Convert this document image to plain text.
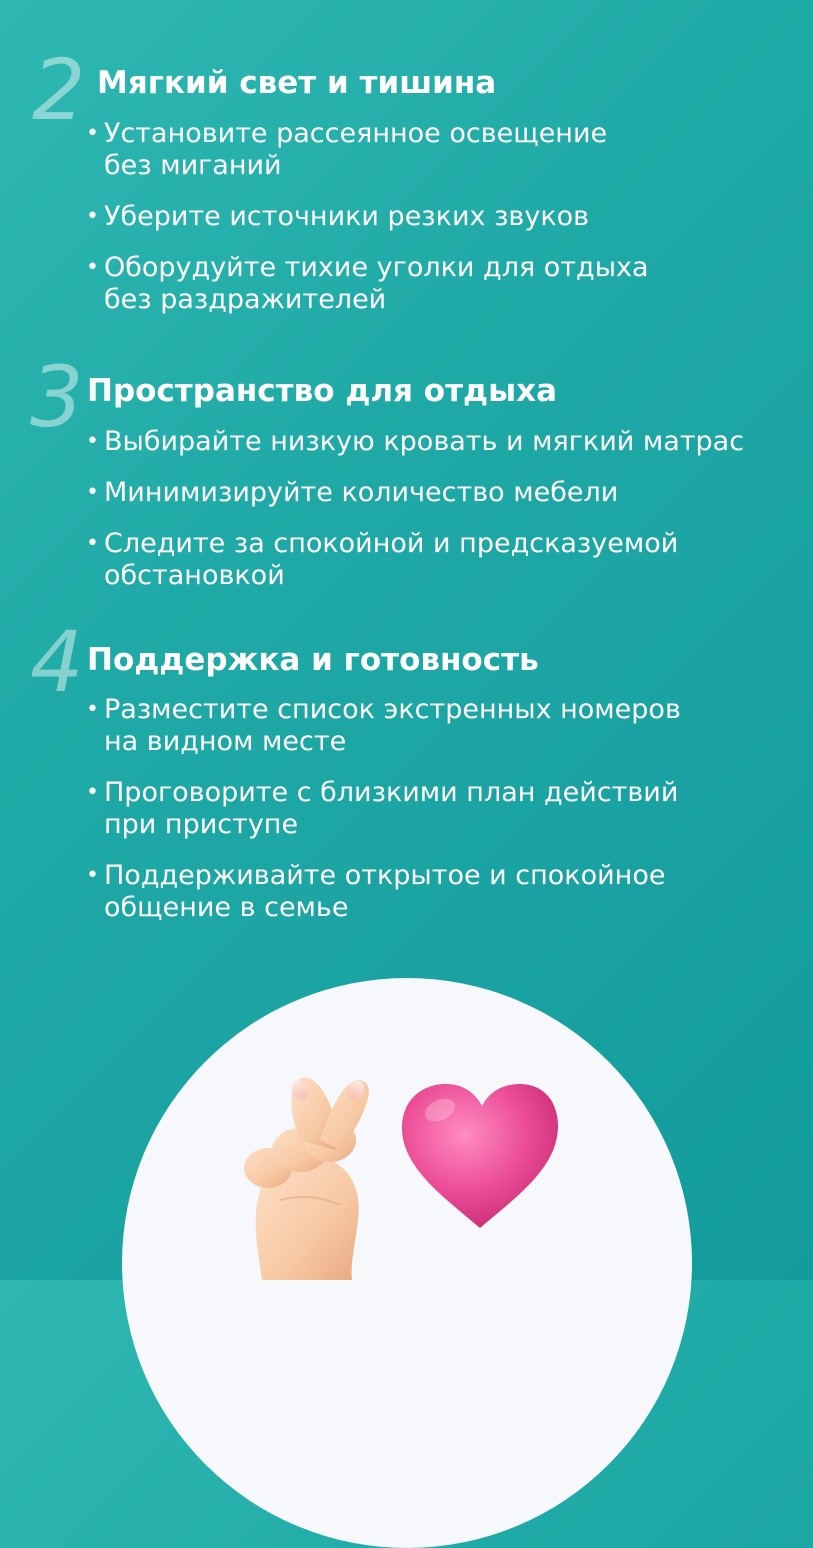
2 Мягкий свет и тишина
• Установите рассеянное освещение
без миганий
• Уберите источники резких звуков
• Оборудуйте тихие уголки для отдыха
без раздражителей
3 Пространство для отдыха
• Выбирайте низкую кровать и мягкий матрас
• Минимизируйте количество мебели
• Следите за спокойной и предсказуемой
обстановкой
4 Поддержка и готовность
• Разместите список экстренных номеров
на видном месте
• Проговорите с близкими план действий
при приступе
• Поддерживайте открытое и спокойное
общение в семье
